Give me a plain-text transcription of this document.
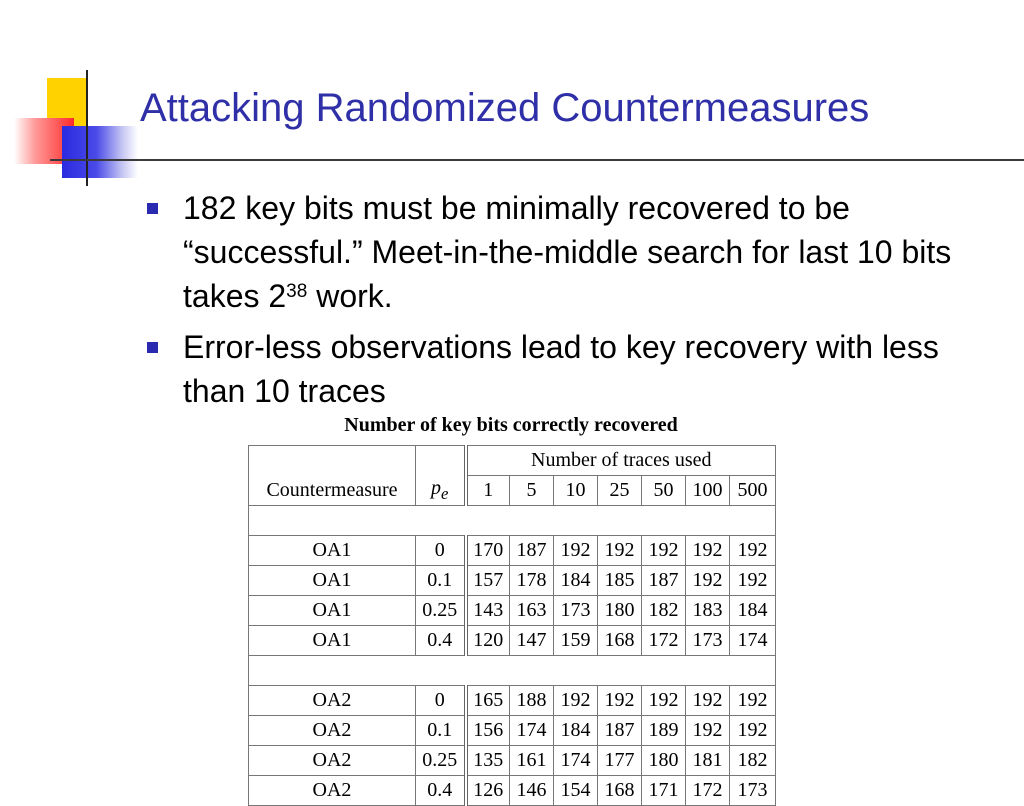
Attacking Randomized Countermeasures
182 key bits must be minimally recovered to be “successful.” Meet-in-the-middle search for last 10 bits takes $2^{38}$ work.
Error-less observations lead to key recovery with less than 10 traces
Number of key bits correctly recovered
		Number of traces used						
Countermeasure	$p_e$	1	5	10	25	50	100	500

OA1	0	170	187	192	192	192	192	192
OA1	0.1	157	178	184	185	187	192	192
OA1	0.25	143	163	173	180	182	183	184
OA1	0.4	120	147	159	168	172	173	174

OA2	0	165	188	192	192	192	192	192
OA2	0.1	156	174	184	187	189	192	192
OA2	0.25	135	161	174	177	180	181	182
OA2	0.4	126	146	154	168	171	172	173
